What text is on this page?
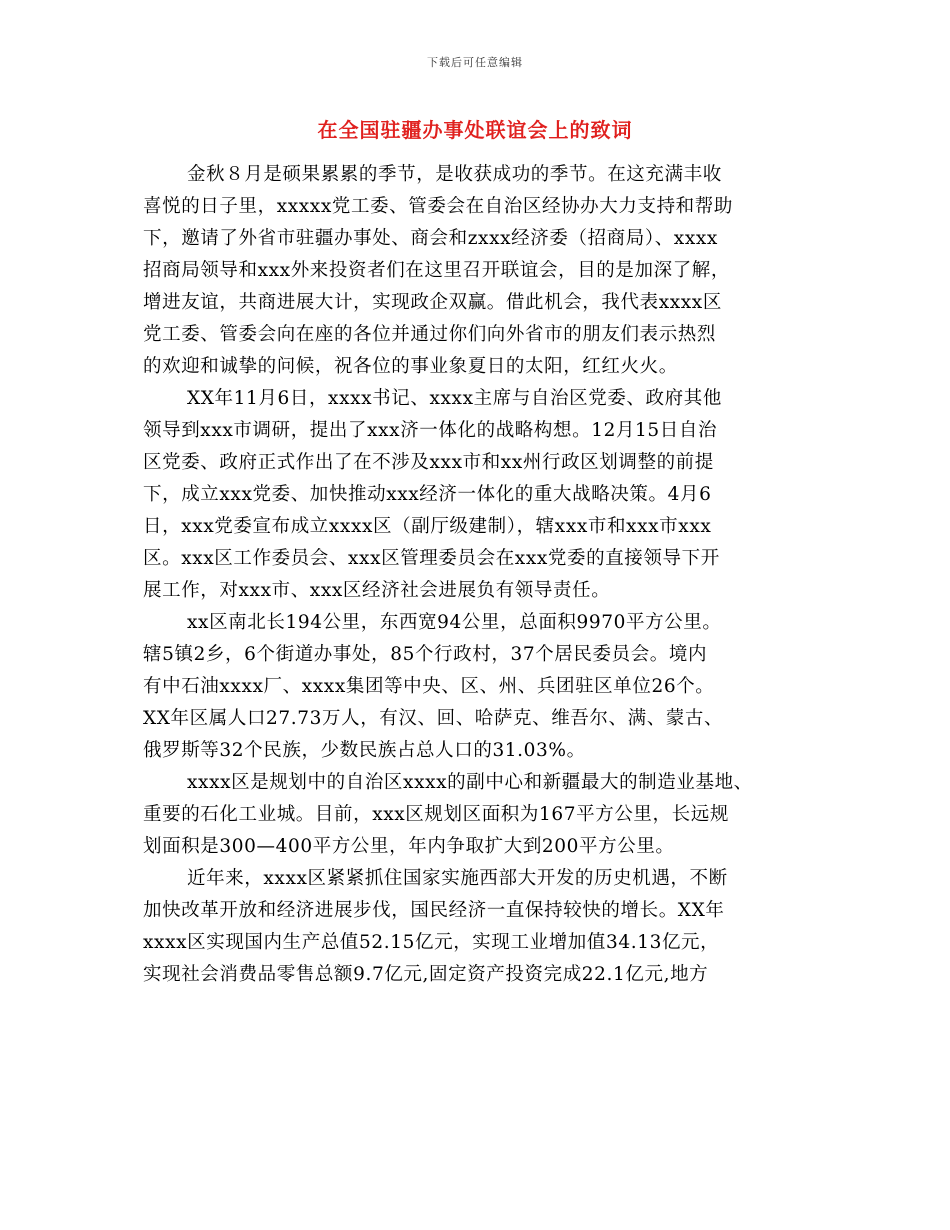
下载后可任意编辑
在全国驻疆办事处联谊会上的致词
金秋８月是硕果累累的季节，是收获成功的季节。在这充满丰收
喜悦的日子里，xxxxx党工委、管委会在自治区经协办大力支持和帮助
下，邀请了外省市驻疆办事处、商会和zxxx经济委（招商局）、xxxx
招商局领导和xxx外来投资者们在这里召开联谊会，目的是加深了解，
增进友谊，共商进展大计，实现政企双赢。借此机会，我代表xxxx区
党工委、管委会向在座的各位并通过你们向外省市的朋友们表示热烈
的欢迎和诚挚的问候，祝各位的事业象夏日的太阳，红红火火。
XX年11月6日，xxxx书记、xxxx主席与自治区党委、政府其他
领导到xxx市调研，提出了xxx济一体化的战略构想。12月15日自治
区党委、政府正式作出了在不涉及xxx市和xx州行政区划调整的前提
下，成立xxx党委、加快推动xxx经济一体化的重大战略决策。4月6
日，xxx党委宣布成立xxxx区（副厅级建制），辖xxx市和xxx市xxx
区。xxx区工作委员会、xxx区管理委员会在xxx党委的直接领导下开
展工作，对xxx市、xxx区经济社会进展负有领导责任。
xx区南北长194公里，东西宽94公里，总面积9970平方公里。
辖5镇2乡，6个街道办事处，85个行政村，37个居民委员会。境内
有中石油xxxx厂、xxxx集团等中央、区、州、兵团驻区单位26个。
XX年区属人口27.73万人，有汉、回、哈萨克、维吾尔、满、蒙古、
俄罗斯等32个民族，少数民族占总人口的31.03%。
xxxx区是规划中的自治区xxxx的副中心和新疆最大的制造业基地、
重要的石化工业城。目前，xxx区规划区面积为167平方公里，长远规
划面积是300—400平方公里，年内争取扩大到200平方公里。
近年来，xxxx区紧紧抓住国家实施西部大开发的历史机遇，不断
加快改革开放和经济进展步伐，国民经济一直保持较快的增长。XX年
xxxx区实现国内生产总值52.15亿元，实现工业增加值34.13亿元，
实现社会消费品零售总额9.7亿元,固定资产投资完成22.1亿元,地方
